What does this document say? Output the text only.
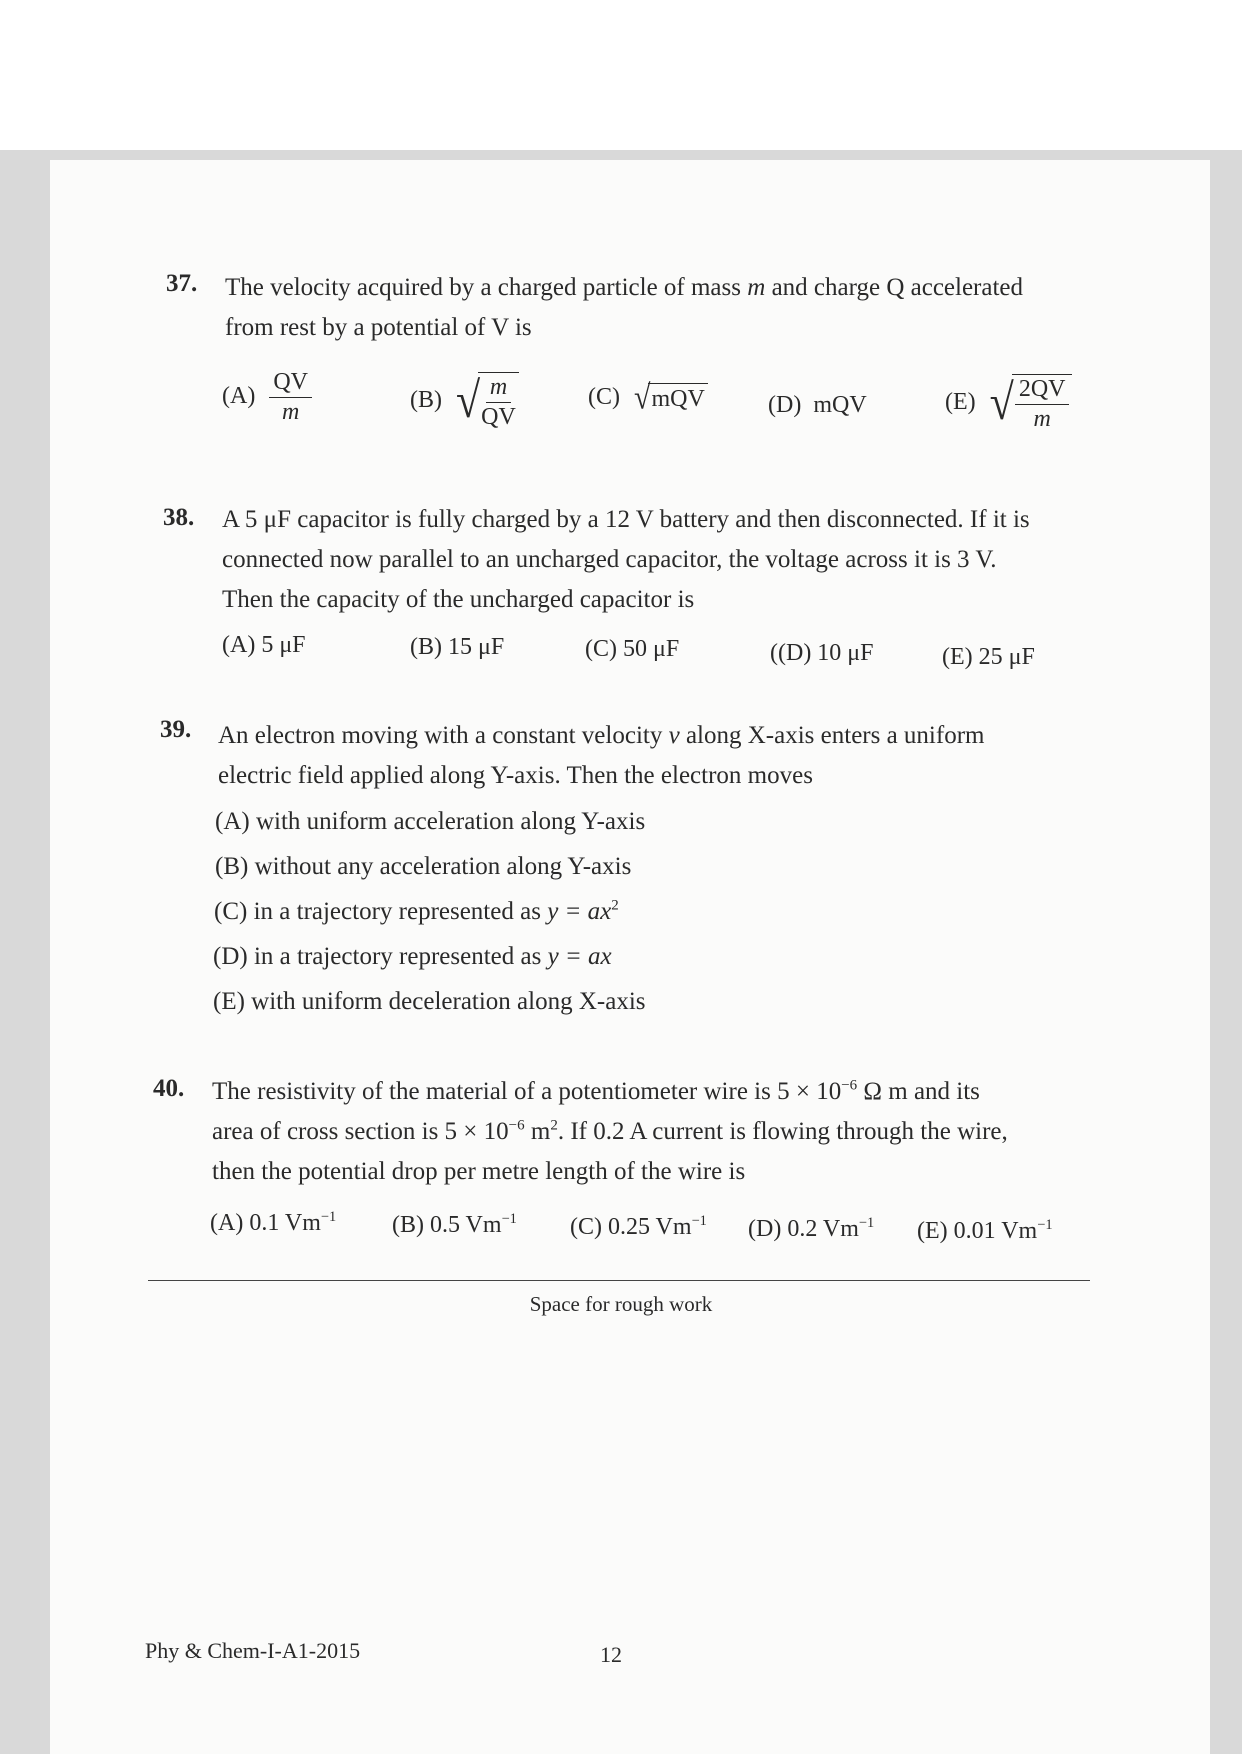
37. The velocity acquired by a charged particle of mass m and charge Q accelerated
from rest by a potential of V is
$(A) \frac{QV}{m}$	(B) √ $\frac{m}{QV}$	(C) √ mQV	(D) mQV	(E) √ $\frac{2QV}{m}$
38. A 5 μF capacitor is fully charged by a 12 V battery and then disconnected. If it is
connected now parallel to an uncharged capacitor, the voltage across it is 3 V.
Then the capacity of the uncharged capacitor is
(A) 5 μF	(B) 15 μF	(C) 50 μF	((D) 10 μF	(E) 25 μF
39. An electron moving with a constant velocity v along X-axis enters a uniform
electric field applied along Y-axis. Then the electron moves
(A) with uniform acceleration along Y-axis
(B) without any acceleration along Y-axis
(C) in a trajectory represented as $y = ax^2$
(D) in a trajectory represented as y = ax
(E) with uniform deceleration along X-axis
40. The resistivity of the material of a potentiometer wire is $5 \times 10^{-6}$ Ω m and its
area of cross section is $5 \times 10^{-6}$ $m^2$. If 0.2 A current is flowing through the wire,
then the potential drop per metre length of the wire is
(A) 0.1 $Vm^{-1}$ (B) 0.5 $Vm^{-1}$ (C) 0.25 $Vm^{-1}$ (D) 0.2 $Vm^{-1}$ (E) 0.01 $Vm^{-1}$
Space for rough work
Phy & Chem-I-A1-2015	12
